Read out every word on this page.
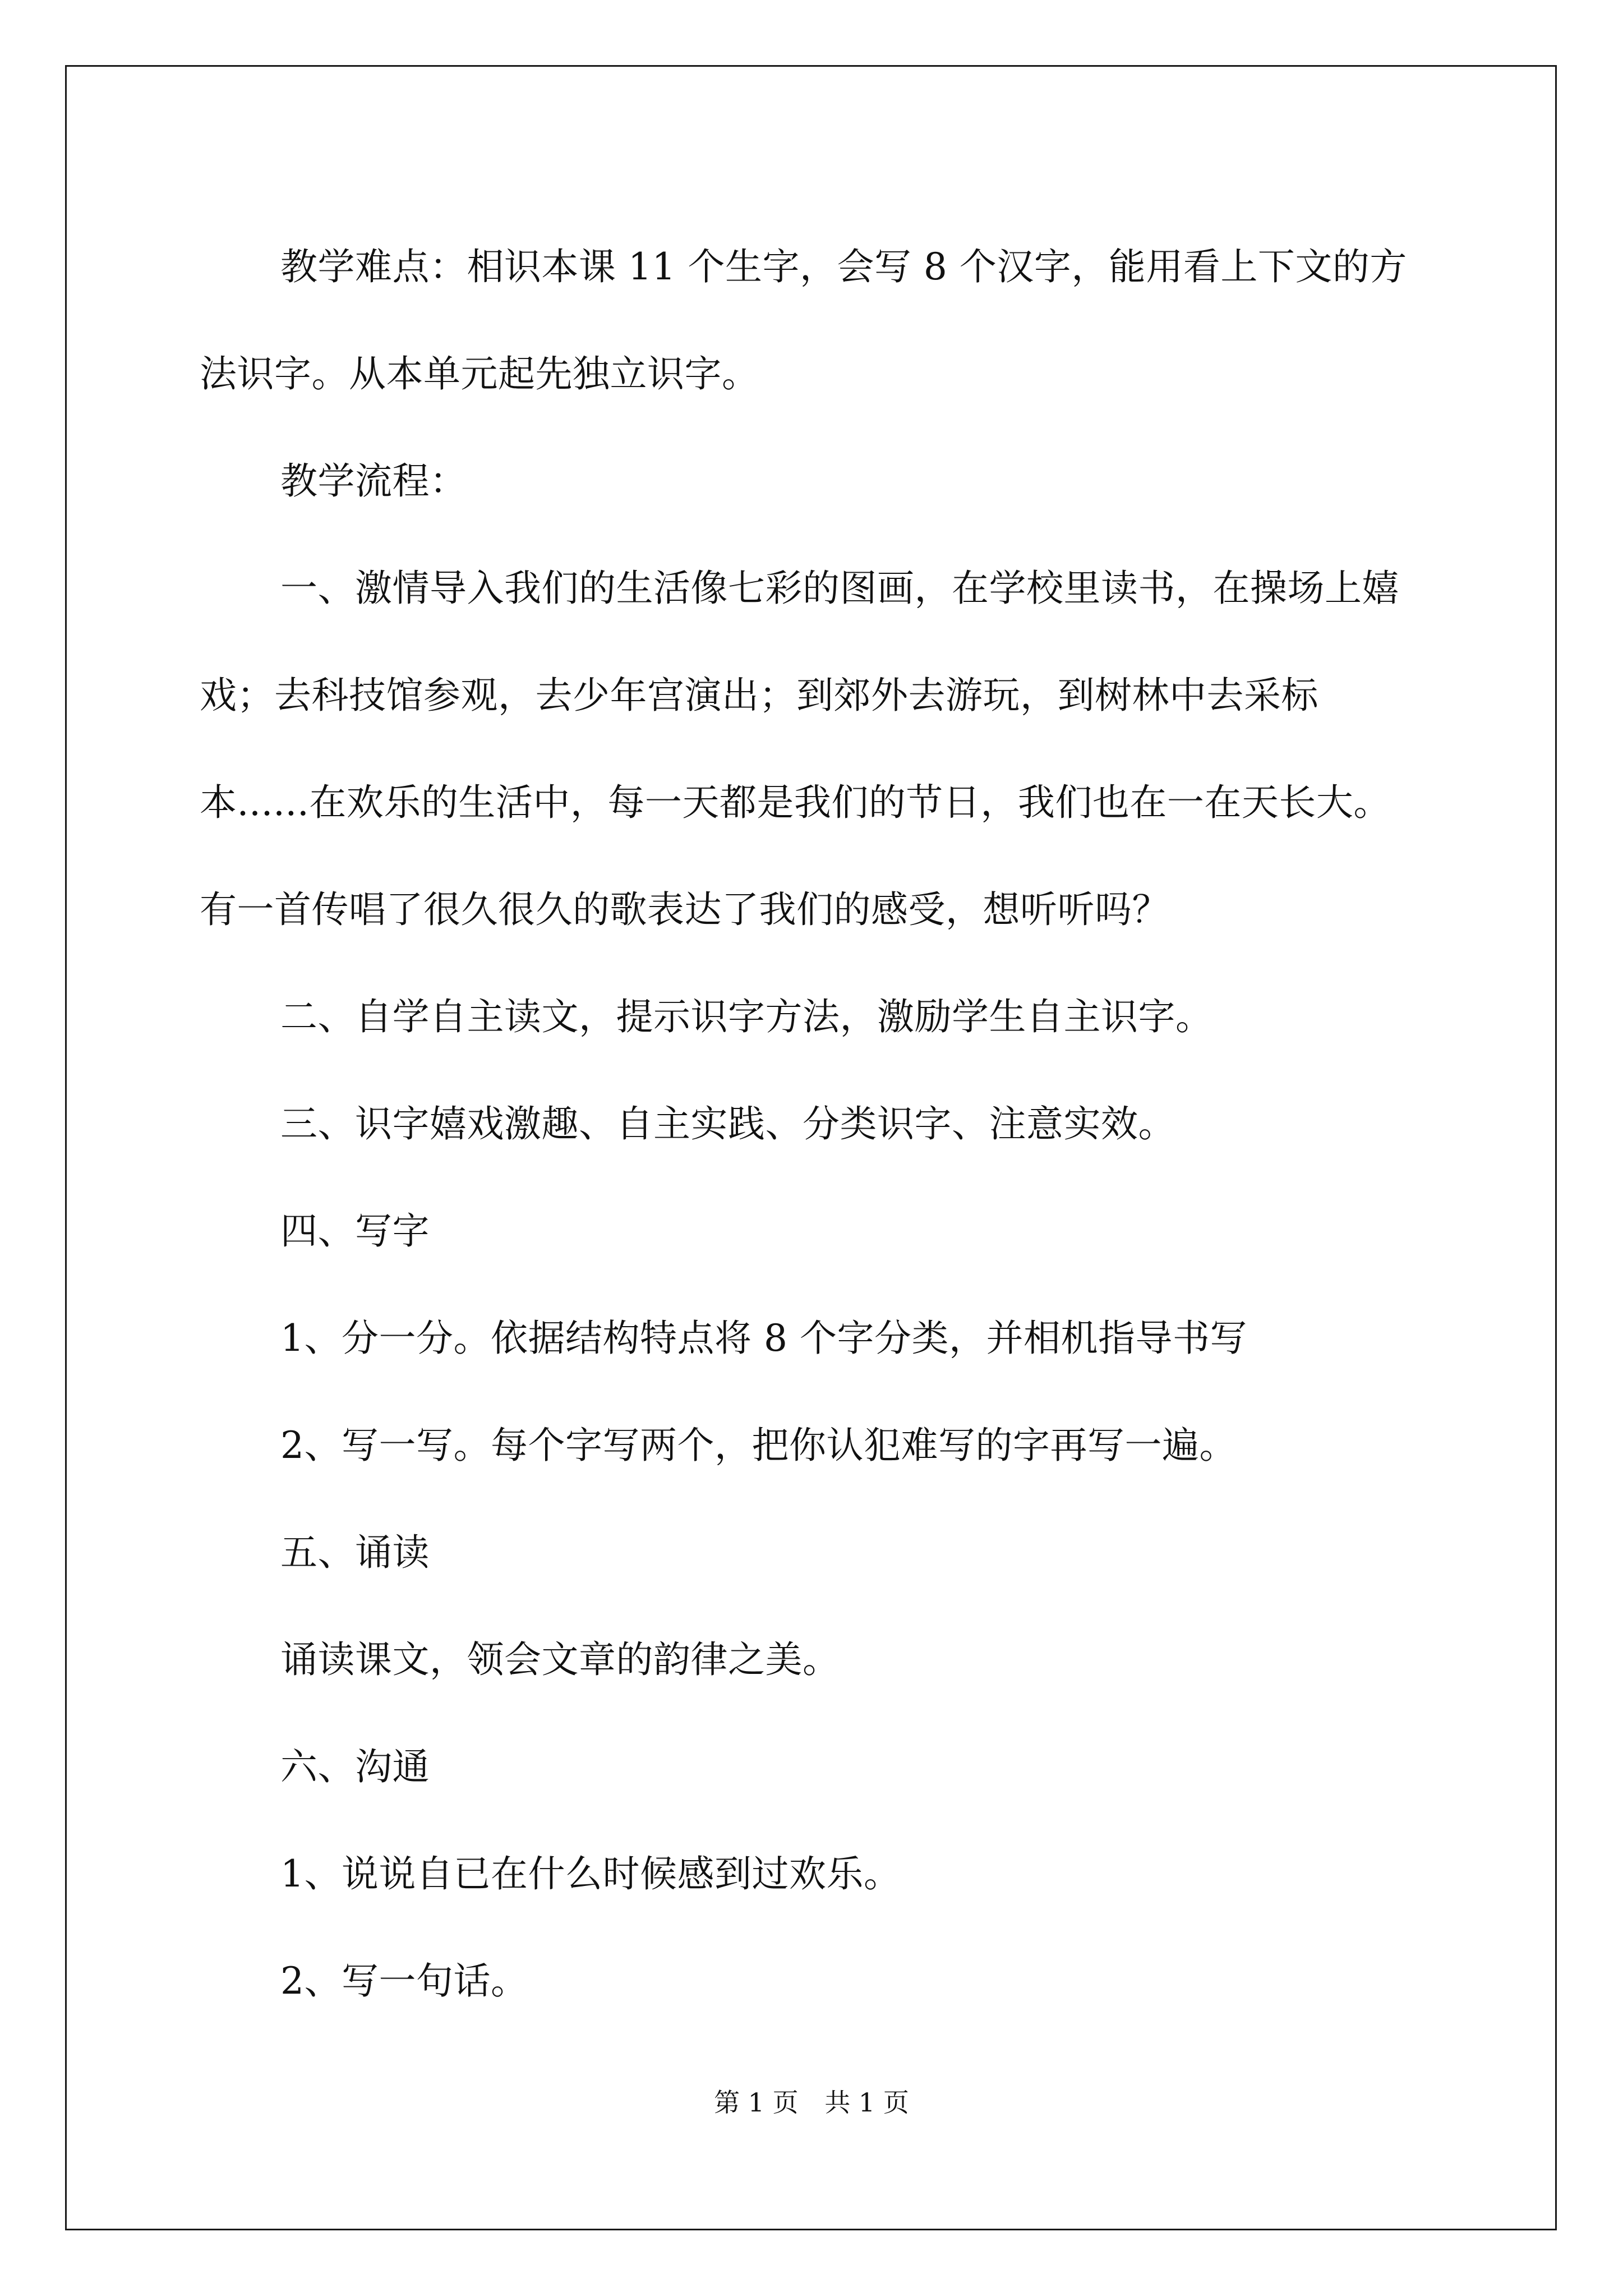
教学难点：相识本课 11 个生字，会写 8 个汉字，能用看上下文的方法识字。从本单元起先独立识字。

教学流程：

一、激情导入我们的生活像七彩的图画，在学校里读书，在操场上嬉戏；去科技馆参观，去少年宫演出；到郊外去游玩，到树林中去采标本......在欢乐的生活中，每一天都是我们的节日，我们也在一在天长大。有一首传唱了很久很久的歌表达了我们的感受，想听听吗？

二、自学自主读文，提示识字方法，激励学生自主识字。

三、识字嬉戏激趣、自主实践、分类识字、注意实效。

四、写字

1、分一分。依据结构特点将 8 个字分类，并相机指导书写

2、写一写。每个字写两个，把你认犯难写的字再写一遍。

五、诵读

诵读课文，领会文章的韵律之美。

六、沟通

1、说说自已在什么时候感到过欢乐。

2、写一句话。

第 1 页 共 1 页
